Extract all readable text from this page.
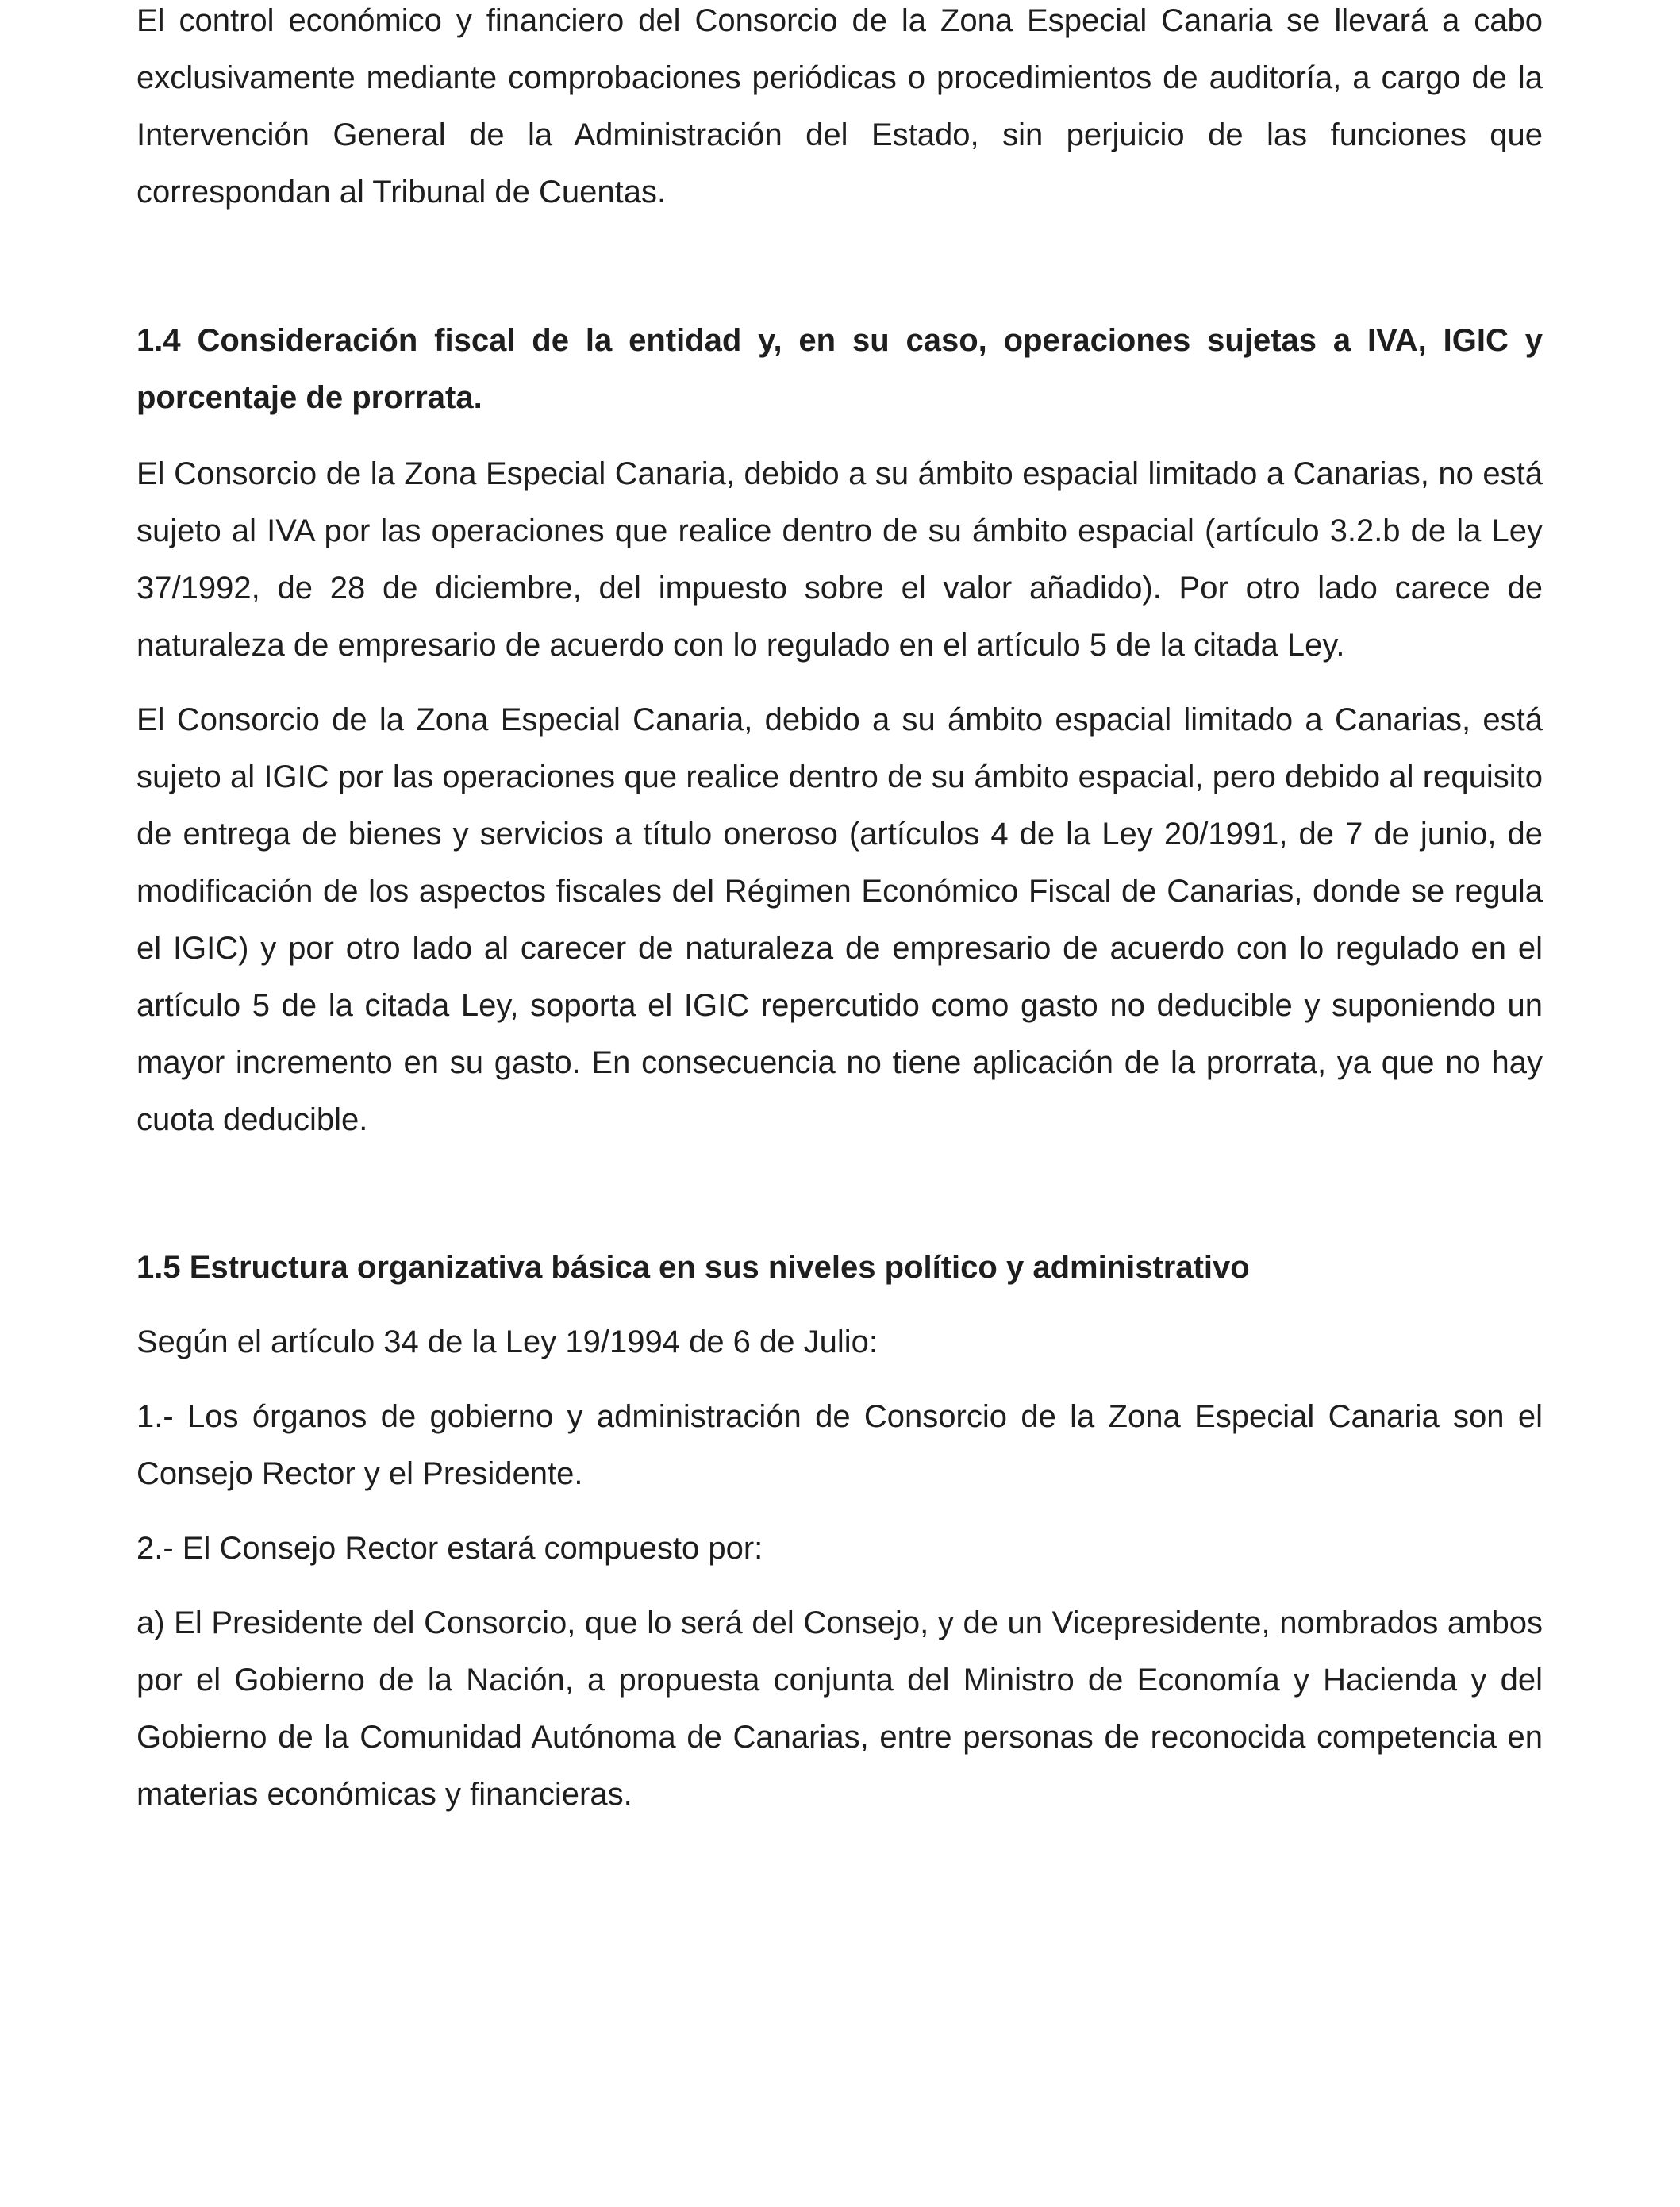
El control económico y financiero del Consorcio de la Zona Especial Canaria se llevará a cabo exclusivamente mediante comprobaciones periódicas o procedimientos de auditoría, a cargo de la Intervención General de la Administración del Estado, sin perjuicio de las funciones que correspondan al Tribunal de Cuentas.

1.4 Consideración fiscal de la entidad y, en su caso, operaciones sujetas a IVA, IGIC y porcentaje de prorrata.

El Consorcio de la Zona Especial Canaria, debido a su ámbito espacial limitado a Canarias, no está sujeto al IVA por las operaciones que realice dentro de su ámbito espacial (artículo 3.2.b de la Ley 37/1992, de 28 de diciembre, del impuesto sobre el valor añadido). Por otro lado carece de naturaleza de empresario de acuerdo con lo regulado en el artículo 5 de la citada Ley.

El Consorcio de la Zona Especial Canaria, debido a su ámbito espacial limitado a Canarias, está sujeto al IGIC por las operaciones que realice dentro de su ámbito espacial, pero debido al requisito de entrega de bienes y servicios a título oneroso (artículos 4 de la Ley 20/1991, de 7 de junio, de modificación de los aspectos fiscales del Régimen Económico Fiscal de Canarias, donde se regula el IGIC) y por otro lado al carecer de naturaleza de empresario de acuerdo con lo regulado en el artículo 5 de la citada Ley, soporta el IGIC repercutido como gasto no deducible y suponiendo un mayor incremento en su gasto. En consecuencia no tiene aplicación de la prorrata, ya que no hay cuota deducible.

1.5 Estructura organizativa básica en sus niveles político y administrativo

Según el artículo 34 de la Ley 19/1994 de 6 de Julio:

1.- Los órganos de gobierno y administración de Consorcio de la Zona Especial Canaria son el Consejo Rector y el Presidente.

2.- El Consejo Rector estará compuesto por:

a) El Presidente del Consorcio, que lo será del Consejo, y de un Vicepresidente, nombrados ambos por el Gobierno de la Nación, a propuesta conjunta del Ministro de Economía y Hacienda y del Gobierno de la Comunidad Autónoma de Canarias, entre personas de reconocida competencia en materias económicas y financieras.
